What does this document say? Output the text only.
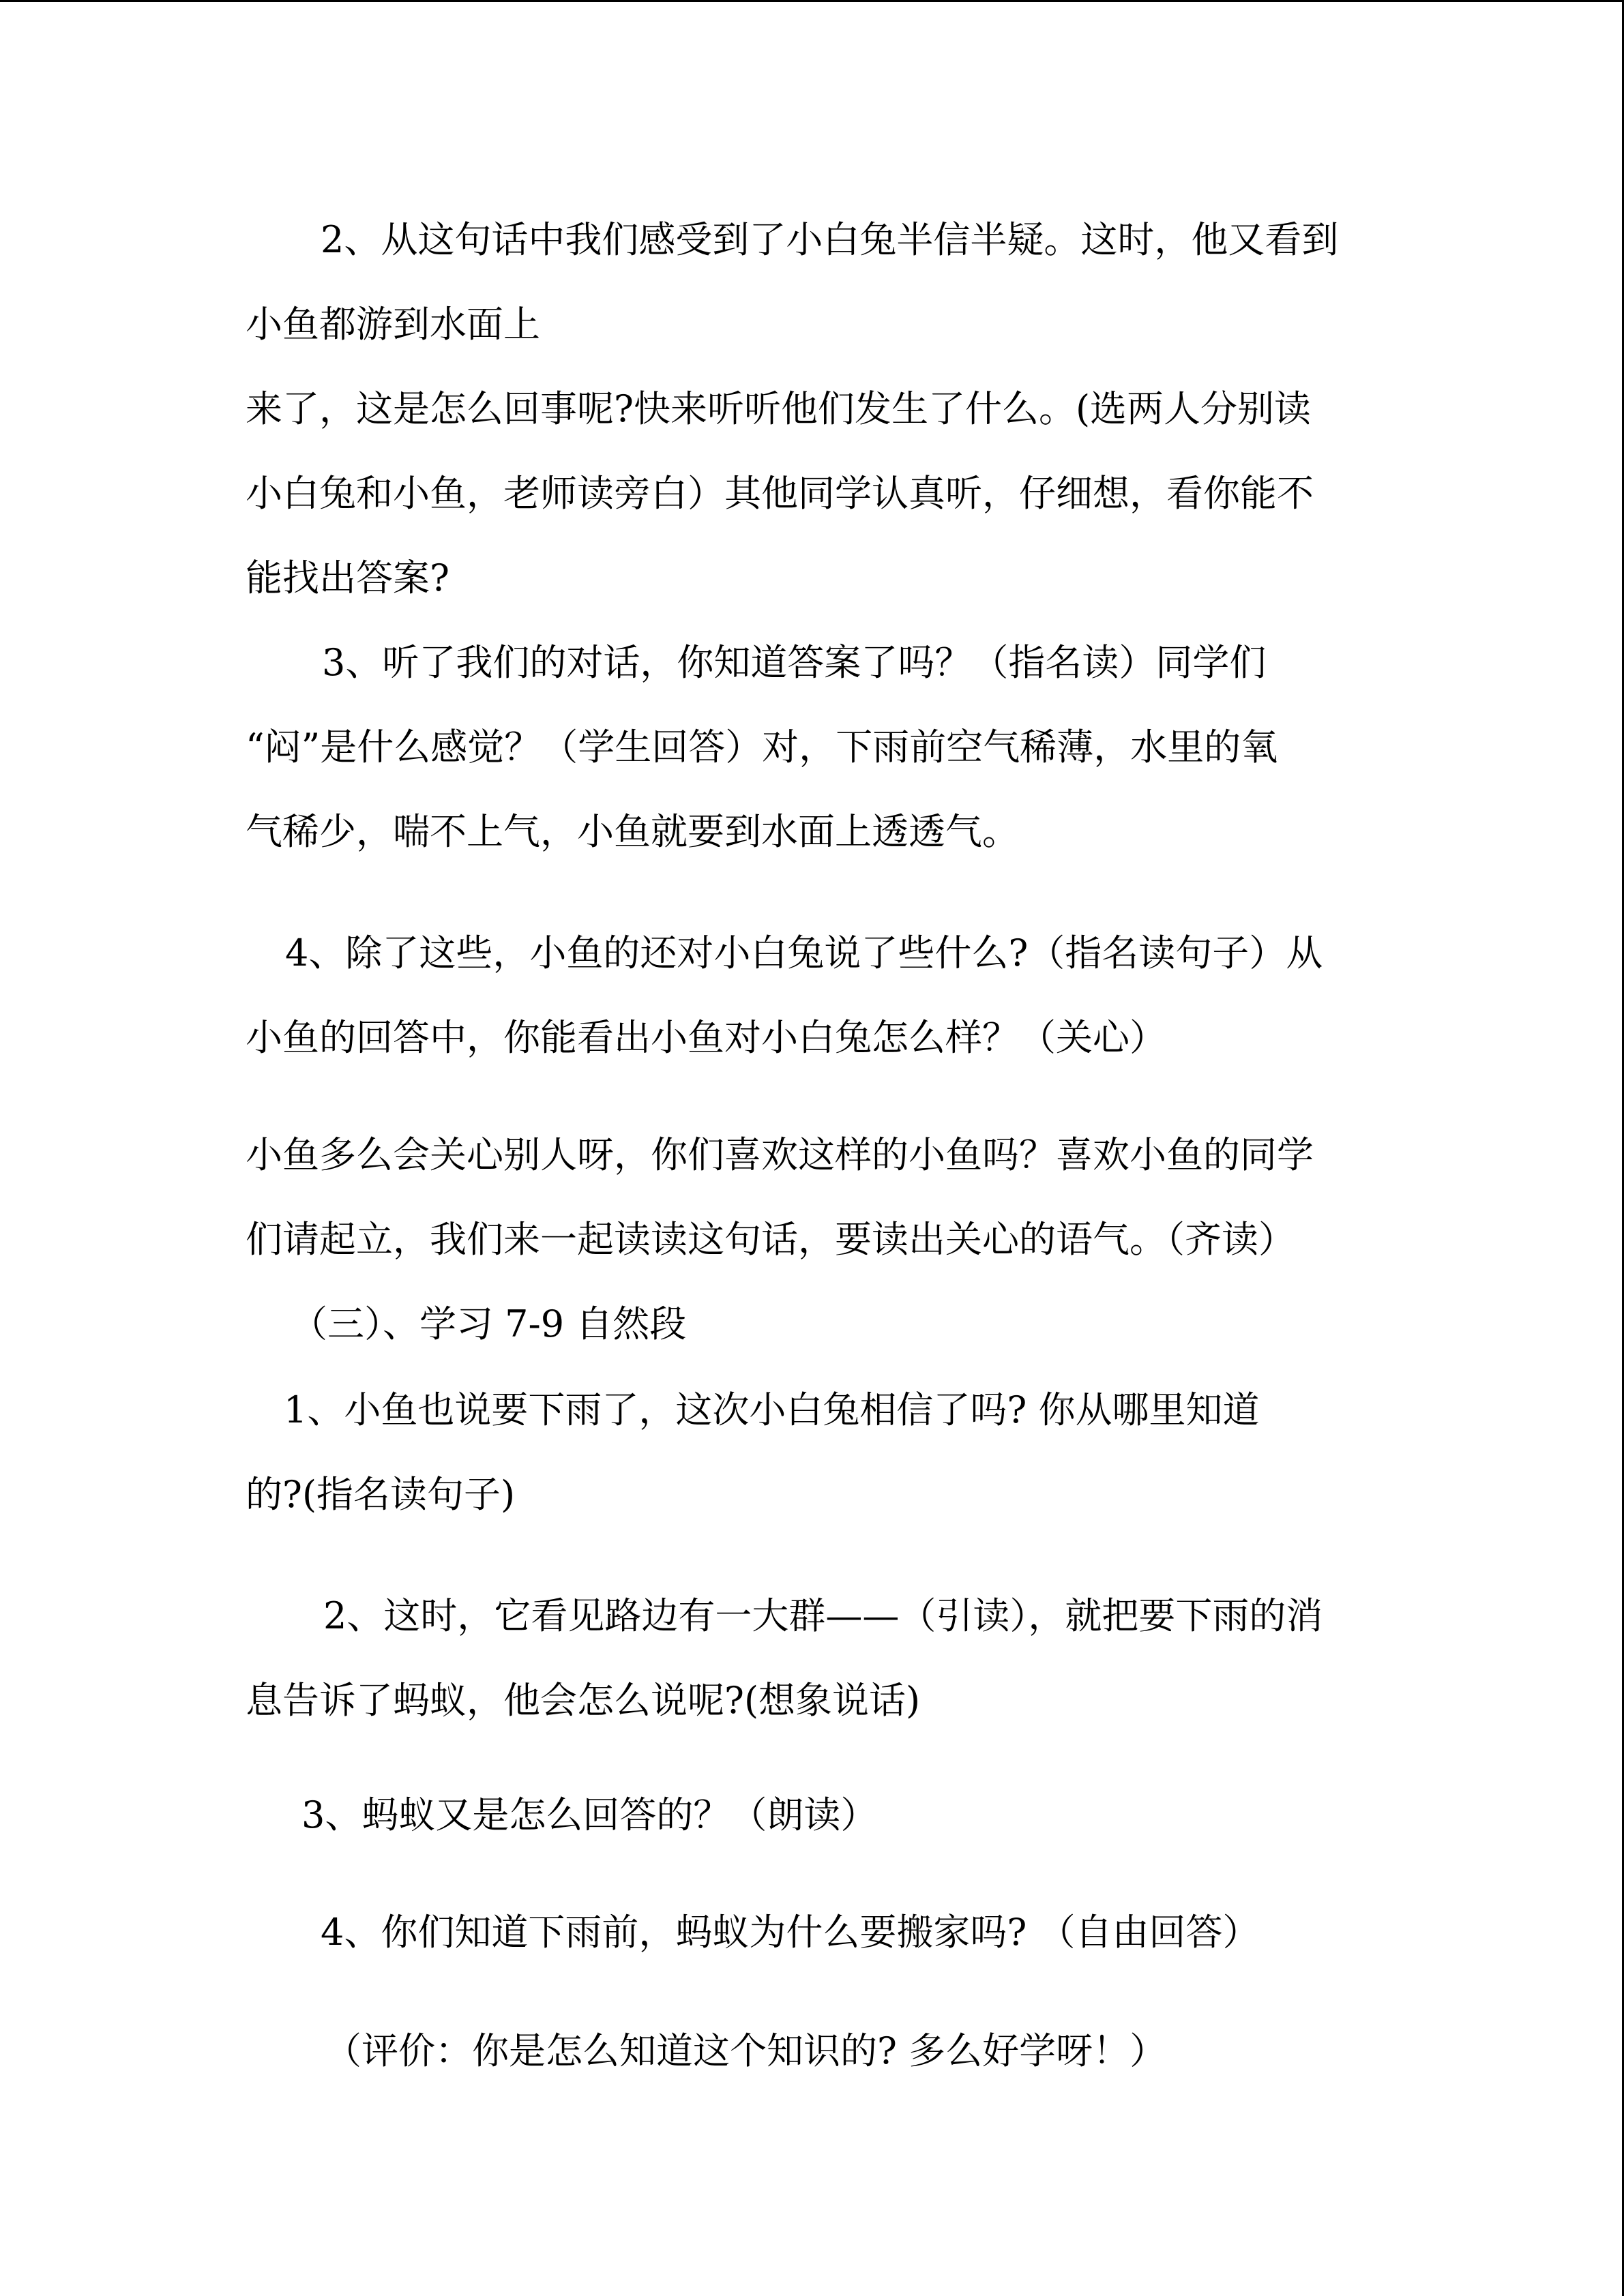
2、从这句话中我们感受到了小白兔半信半疑。这时，他又看到
小鱼都游到水面上
来了，这是怎么回事呢?快来听听他们发生了什么。(选两人分别读
小白兔和小鱼，老师读旁白）其他同学认真听，仔细想，看你能不
能找出答案?
3、听了我们的对话，你知道答案了吗？（指名读）同学们
“闷”是什么感觉？（学生回答）对，下雨前空气稀薄，水里的氧
气稀少，喘不上气，小鱼就要到水面上透透气。
4、除了这些，小鱼的还对小白兔说了些什么?（指名读句子）从
小鱼的回答中，你能看出小鱼对小白兔怎么样？（关心）
小鱼多么会关心别人呀，你们喜欢这样的小鱼吗？喜欢小鱼的同学
们请起立，我们来一起读读这句话，要读出关心的语气。（齐读）
（三）、学习 7-9 自然段
1、小鱼也说要下雨了，这次小白兔相信了吗? 你从哪里知道
的?(指名读句子)
2、这时，它看见路边有一大群——（引读），就把要下雨的消
息告诉了蚂蚁，他会怎么说呢?(想象说话)
3、蚂蚁又是怎么回答的？（朗读）
4、你们知道下雨前，蚂蚁为什么要搬家吗? （自由回答）
（评价：你是怎么知道这个知识的? 多么好学呀！）
